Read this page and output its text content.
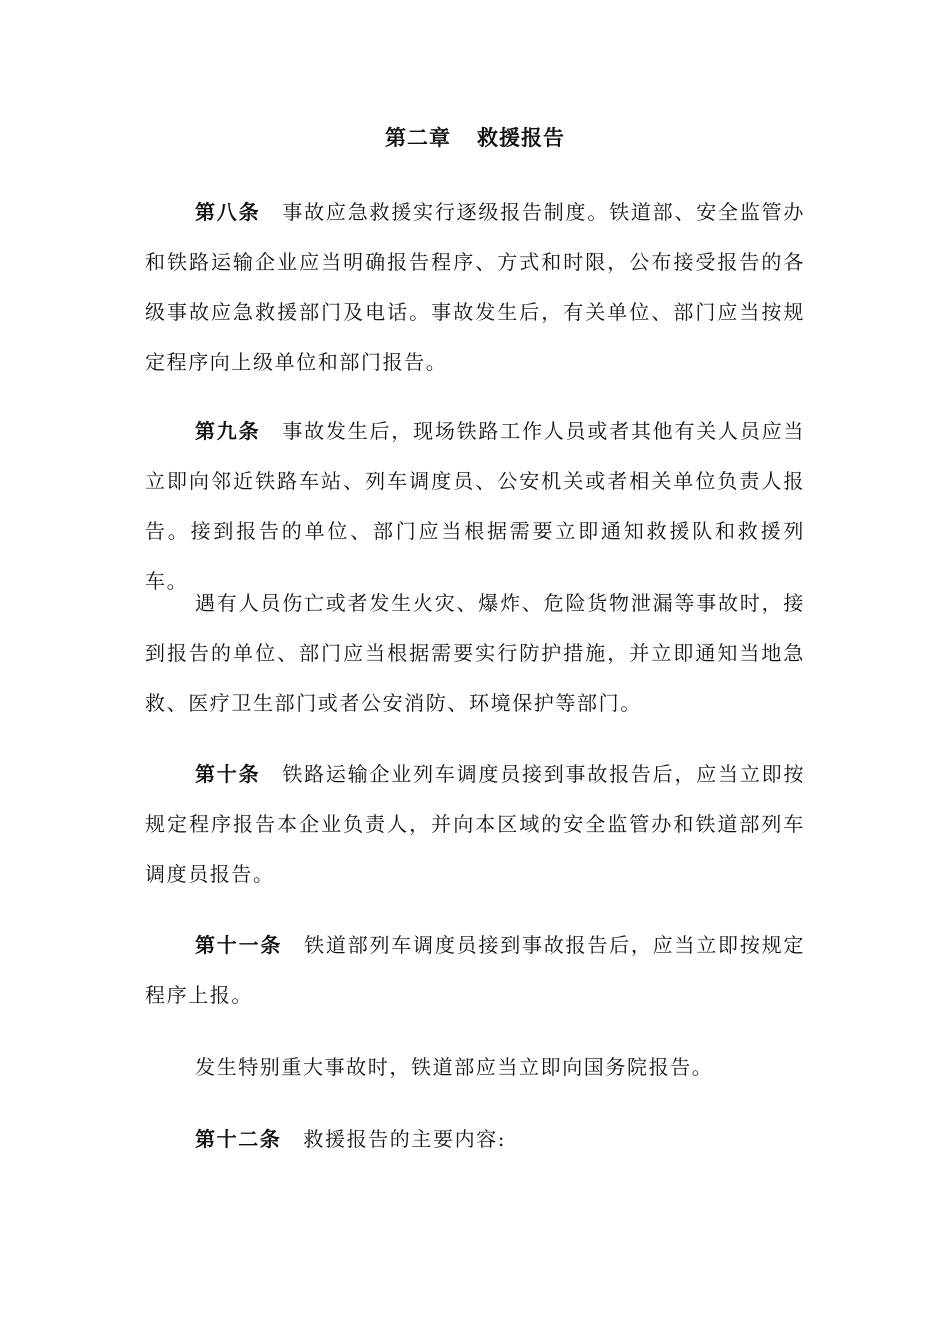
第二章 救援报告

第八条 事故应急救援实行逐级报告制度。铁道部、安全监管办和铁路运输企业应当明确报告程序、方式和时限，公布接受报告的各级事故应急救援部门及电话。事故发生后，有关单位、部门应当按规定程序向上级单位和部门报告。

第九条 事故发生后，现场铁路工作人员或者其他有关人员应当立即向邻近铁路车站、列车调度员、公安机关或者相关单位负责人报告。接到报告的单位、部门应当根据需要立即通知救援队和救援列车。

遇有人员伤亡或者发生火灾、爆炸、危险货物泄漏等事故时，接到报告的单位、部门应当根据需要实行防护措施，并立即通知当地急救、医疗卫生部门或者公安消防、环境保护等部门。

第十条 铁路运输企业列车调度员接到事故报告后，应当立即按规定程序报告本企业负责人，并向本区域的安全监管办和铁道部列车调度员报告。

第十一条 铁道部列车调度员接到事故报告后，应当立即按规定程序上报。

发生特别重大事故时，铁道部应当立即向国务院报告。

第十二条 救援报告的主要内容:
